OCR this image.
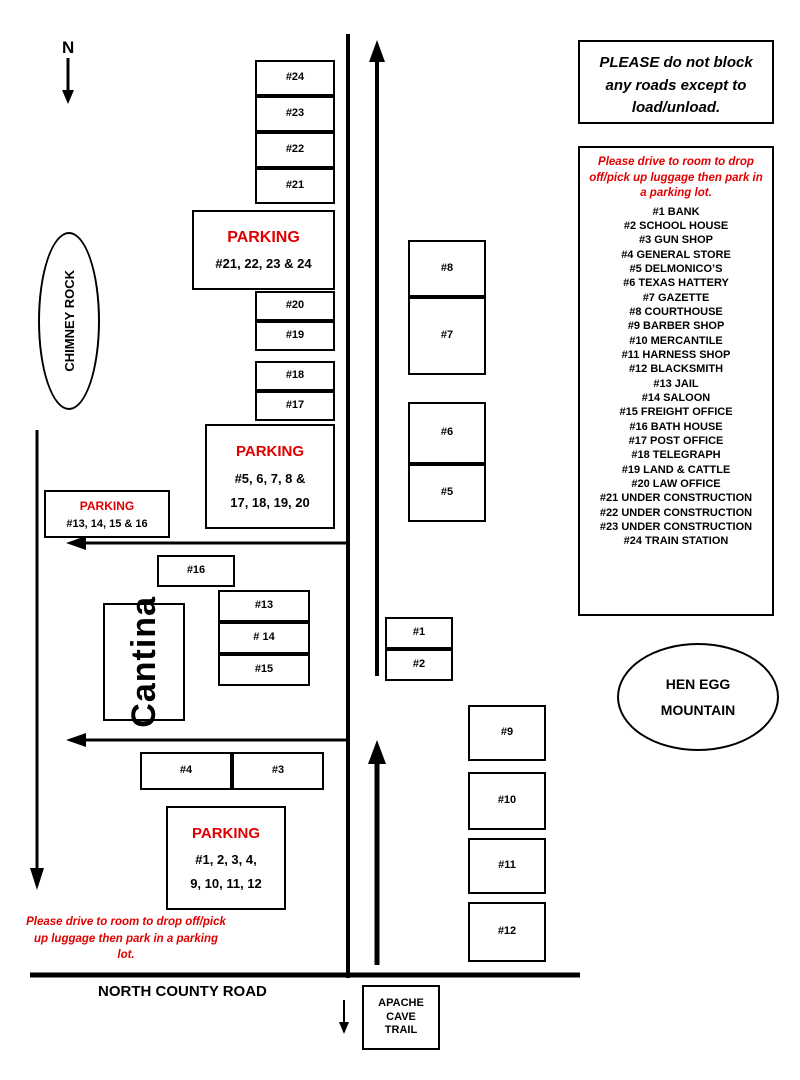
N
CHIMNEY ROCK
HEN EGG
MOUNTAIN
PLEASE do not block any roads except to load/unload.
Please drive to room to drop off/pick up luggage then park in a parking lot.
#1 BANK
#2 SCHOOL HOUSE
#3 GUN SHOP
#4 GENERAL STORE
#5 DELMONICO’S
#6 TEXAS HATTERY
#7 GAZETTE
#8 COURTHOUSE
#9 BARBER SHOP
#10 MERCANTILE
#11 HARNESS SHOP
#12 BLACKSMITH
#13 JAIL
#14 SALOON
#15 FREIGHT OFFICE
#16 BATH HOUSE
#17 POST OFFICE
#18 TELEGRAPH
#19 LAND & CATTLE
#20 LAW OFFICE
#21 UNDER CONSTRUCTION
#22 UNDER CONSTRUCTION
#23 UNDER CONSTRUCTION
#24 TRAIN STATION
#24
#23
#22
#21
PARKING
#21, 22, 23 & 24
#20
#19
#18
#17
PARKING
#5, 6, 7, 8 &
17, 18, 19, 20
PARKING
#13, 14, 15 & 16
#16
#13
# 14
#15
Cantina
#4	#3
PARKING
#1, 2, 3, 4,
9, 10, 11, 12
#8
#7
#6
#5
#1
#2
#9
#10
#11
#12
Please drive to room to drop off/pick up luggage then park in a parking lot.
NORTH COUNTY ROAD
APACHE
CAVE
TRAIL
